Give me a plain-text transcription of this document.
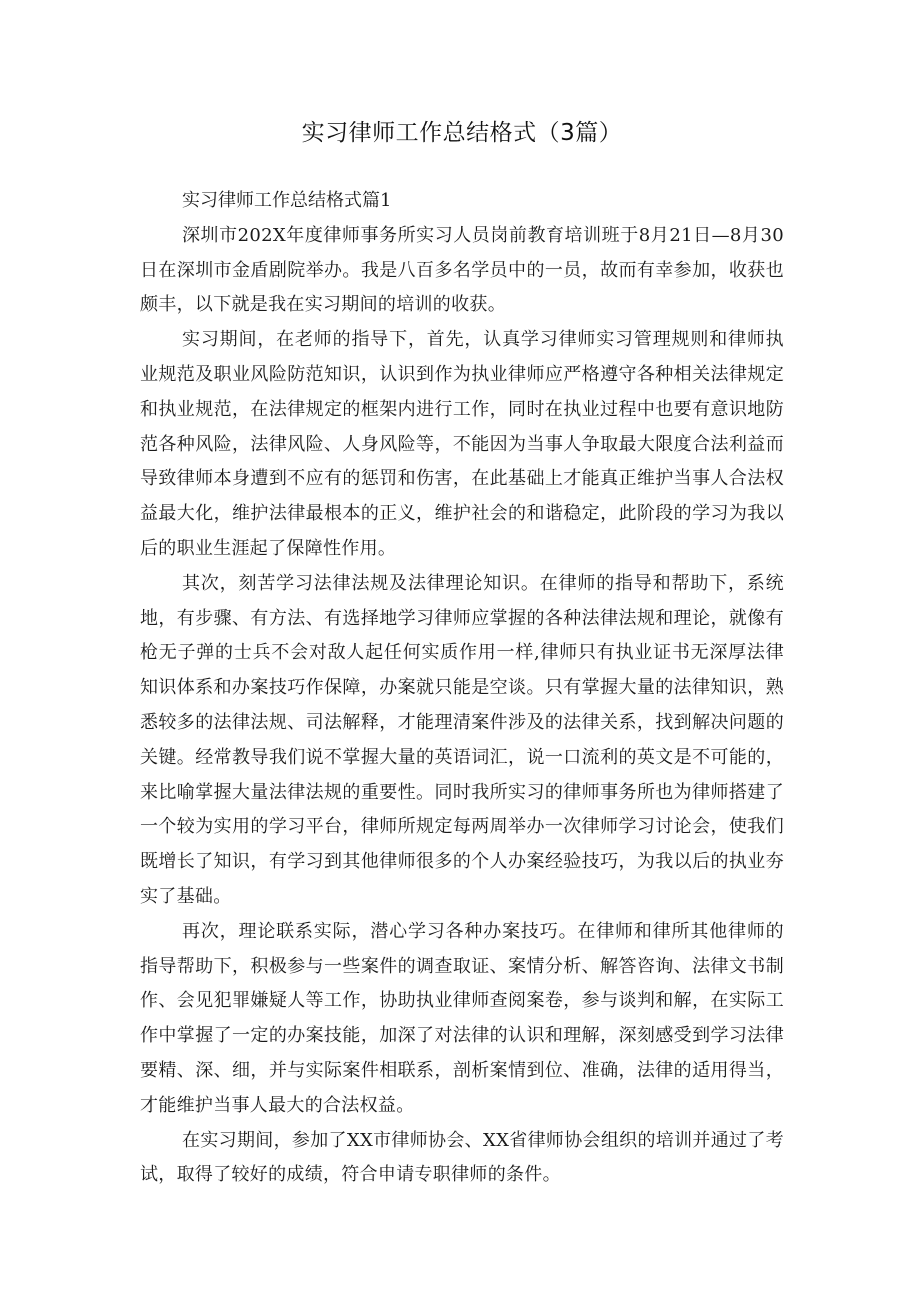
实习律师工作总结格式（3篇）

实习律师工作总结格式篇1

深圳市202X年度律师事务所实习人员岗前教育培训班于8月21日—8月30日在深圳市金盾剧院举办。我是八百多名学员中的一员，故而有幸参加，收获也颇丰，以下就是我在实习期间的培训的收获。

实习期间，在老师的指导下，首先，认真学习律师实习管理规则和律师执业规范及职业风险防范知识，认识到作为执业律师应严格遵守各种相关法律规定和执业规范，在法律规定的框架内进行工作，同时在执业过程中也要有意识地防范各种风险，法律风险、人身风险等，不能因为当事人争取最大限度合法利益而导致律师本身遭到不应有的惩罚和伤害，在此基础上才能真正维护当事人合法权益最大化，维护法律最根本的正义，维护社会的和谐稳定，此阶段的学习为我以后的职业生涯起了保障性作用。

其次，刻苦学习法律法规及法律理论知识。在律师的指导和帮助下，系统地，有步骤、有方法、有选择地学习律师应掌握的各种法律法规和理论，就像有枪无子弹的士兵不会对敌人起任何实质作用一样,律师只有执业证书无深厚法律知识体系和办案技巧作保障，办案就只能是空谈。只有掌握大量的法律知识，熟悉较多的法律法规、司法解释，才能理清案件涉及的法律关系，找到解决问题的关键。经常教导我们说不掌握大量的英语词汇，说一口流利的英文是不可能的，来比喻掌握大量法律法规的重要性。同时我所实习的律师事务所也为律师搭建了一个较为实用的学习平台，律师所规定每两周举办一次律师学习讨论会，使我们既增长了知识，有学习到其他律师很多的个人办案经验技巧，为我以后的执业夯实了基础。

再次，理论联系实际，潜心学习各种办案技巧。在律师和律所其他律师的指导帮助下，积极参与一些案件的调查取证、案情分析、解答咨询、法律文书制作、会见犯罪嫌疑人等工作，协助执业律师查阅案卷，参与谈判和解，在实际工作中掌握了一定的办案技能，加深了对法律的认识和理解，深刻感受到学习法律要精、深、细，并与实际案件相联系，剖析案情到位、准确，法律的适用得当，才能维护当事人最大的合法权益。

在实习期间，参加了XX市律师协会、XX省律师协会组织的培训并通过了考试，取得了较好的成绩，符合申请专职律师的条件。
